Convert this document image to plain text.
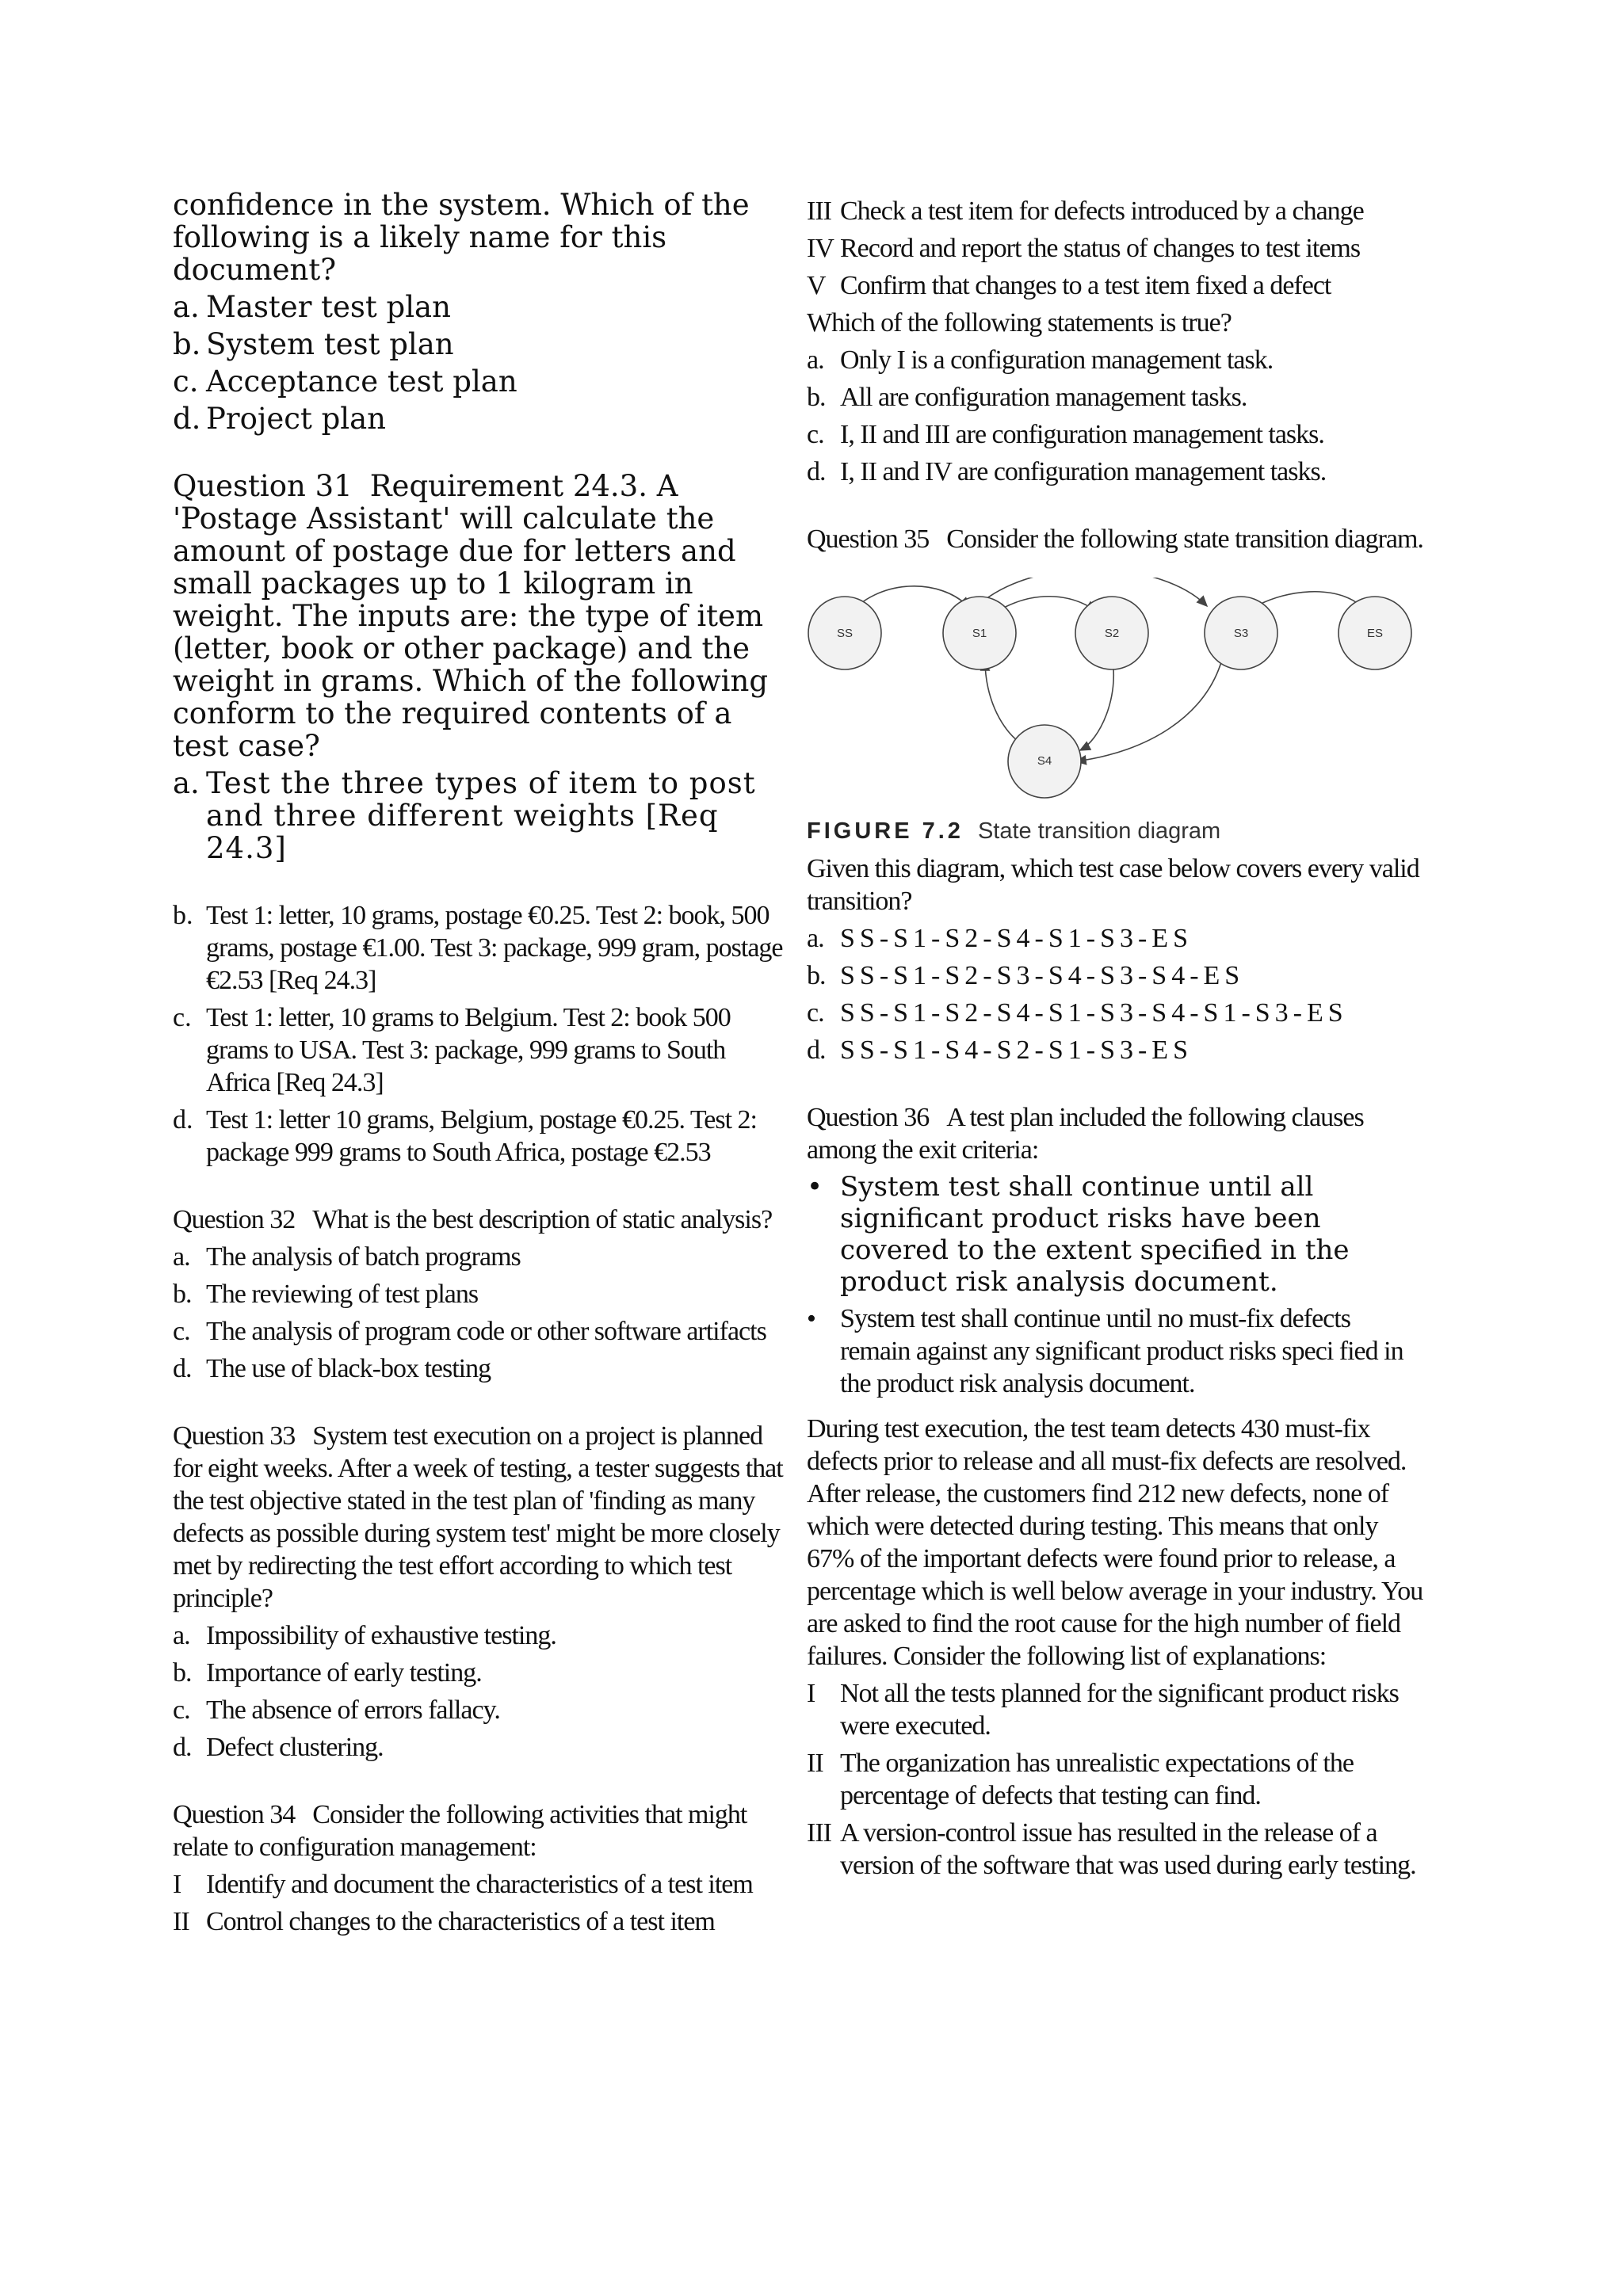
confidence in the system. Which of the following is a likely name for this document?

a. Master test plan
b. System test plan
c. Acceptance test plan
d. Project plan

Question 31 Requirement 24.3. A 'Postage Assistant' will calculate the amount of postage due for letters and small packages up to 1 kilogram in weight. The inputs are: the type of item (letter, book or other package) and the weight in grams. Which of the following conform to the required contents of a test case?

a. Test the three types of item to post and three different weights [Req 24.3]
b. Test 1: letter, 10 grams, postage €0.25. Test 2: book, 500 grams, postage €1.00. Test 3: package, 999 gram, postage €2.53 [Req 24.3]
c. Test 1: letter, 10 grams to Belgium. Test 2: book 500 grams to USA. Test 3: package, 999 grams to South Africa [Req 24.3]
d. Test 1: letter 10 grams, Belgium, postage €0.25. Test 2: package 999 grams to South Africa, postage €2.53

Question 32 What is the best description of static analysis?

a. The analysis of batch programs
b. The reviewing of test plans
c. The analysis of program code or other software artifacts
d. The use of black-box testing

Question 33 System test execution on a project is planned for eight weeks. After a week of testing, a tester suggests that the test objective stated in the test plan of 'finding as many defects as possible during system test' might be more closely met by redirecting the test effort according to which test principle?

a. Impossibility of exhaustive testing.
b. Importance of early testing.
c. The absence of errors fallacy.
d. Defect clustering.

Question 34 Consider the following activities that might relate to configuration management:

I Identify and document the characteristics of a test item
II Control changes to the characteristics of a test item
III Check a test item for defects introduced by a change
IV Record and report the status of changes to test items
V Confirm that changes to a test item fixed a defect

Which of the following statements is true?

a. Only I is a configuration management task.
b. All are configuration management tasks.
c. I, II and III are configuration management tasks.
d. I, II and IV are configuration management tasks.

Question 35 Consider the following state transition diagram.

SS	S1	S2	S3	ES
S4
FIGURE 7.2 State transition diagram

Given this diagram, which test case below covers every valid transition?

a. SS-S1-S2-S4-S1-S3-ES
b. SS-S1-S2-S3-S4-S3-S4-ES
c. SS-S1-S2-S4-S1-S3-S4-S1-S3-ES
d. SS-S1-S4-S2-S1-S3-ES

Question 36 A test plan included the following clauses among the exit criteria:

• System test shall continue until all significant product risks have been covered to the extent specified in the product risk analysis document.
• System test shall continue until no must-fix defects remain against any significant product risks speci fied in the product risk analysis document.

During test execution, the test team detects 430 must-fix defects prior to release and all must-fix defects are resolved. After release, the customers find 212 new defects, none of which were detected during testing. This means that only 67% of the important defects were found prior to release, a percentage which is well below average in your industry. You are asked to find the root cause for the high number of field failures. Consider the following list of explanations:

I Not all the tests planned for the significant product risks were executed.
II The organization has unrealistic expectations of the percentage of defects that testing can find.
III A version-control issue has resulted in the release of a version of the software that was used during early testing.
